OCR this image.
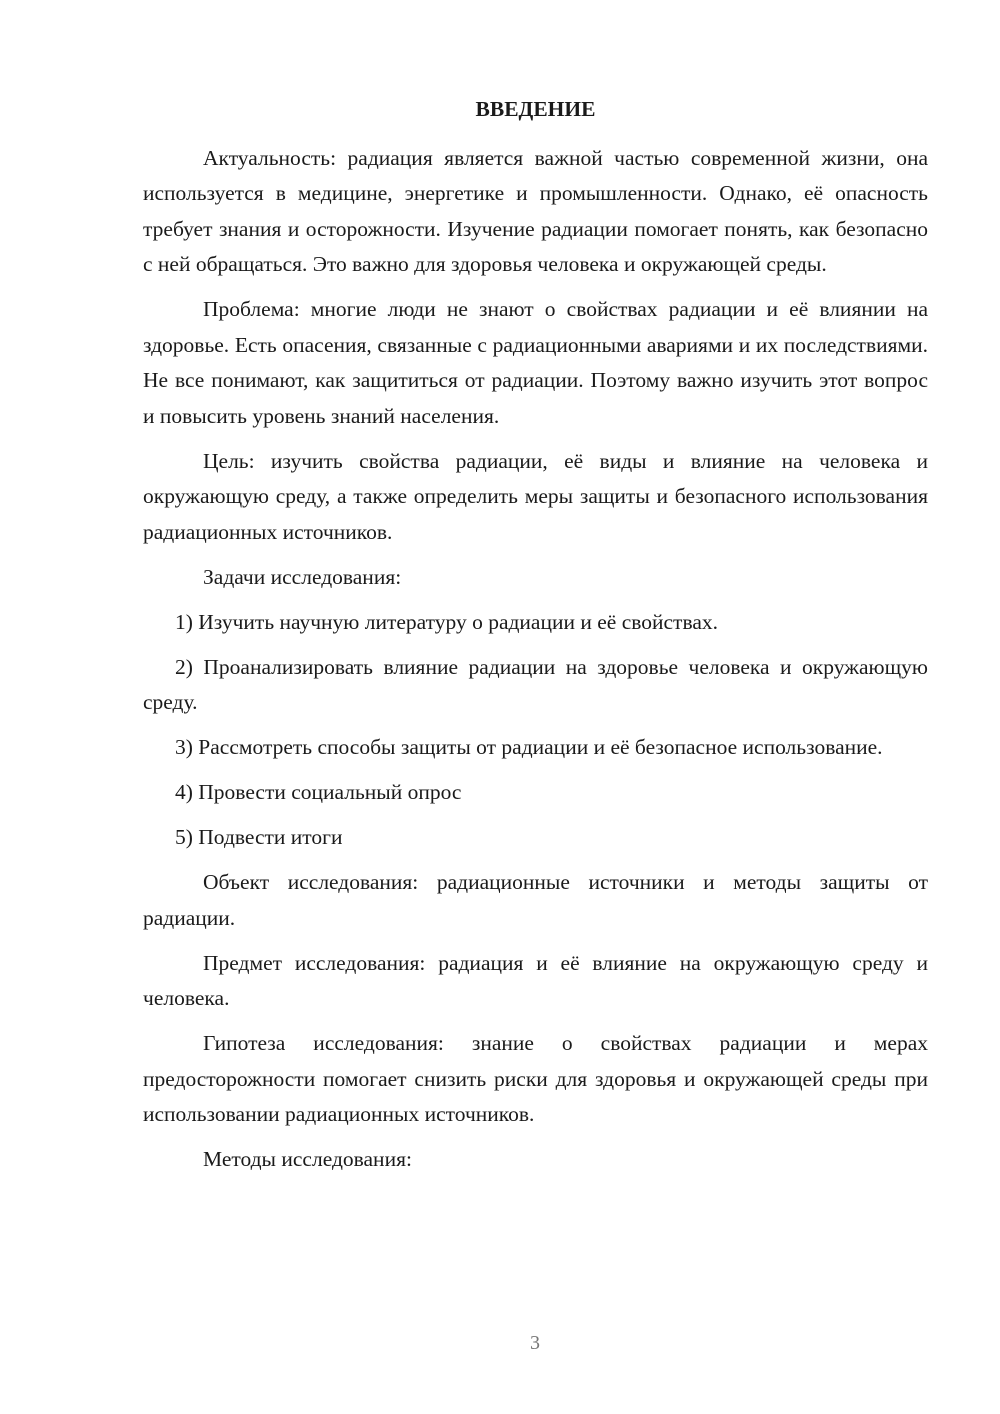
ВВЕДЕНИЕ

Актуальность: радиация является важной частью современной жизни, она используется в медицине, энергетике и промышленности. Однако, её опасность требует знания и осторожности. Изучение радиации помогает понять, как безопасно с ней обращаться. Это важно для здоровья человека и окружающей среды.

Проблема: многие люди не знают о свойствах радиации и её влиянии на здоровье. Есть опасения, связанные с радиационными авариями и их последствиями. Не все понимают, как защититься от радиации. Поэтому важно изучить этот вопрос и повысить уровень знаний населения.

Цель: изучить свойства радиации, её виды и влияние на человека и окружающую среду, а также определить меры защиты и безопасного использования радиационных источников.

Задачи исследования:

1) Изучить научную литературу о радиации и её свойствах.

2) Проанализировать влияние радиации на здоровье человека и окружающую среду.

3) Рассмотреть способы защиты от радиации и её безопасное использование.

4) Провести социальный опрос

5) Подвести итоги

Объект исследования: радиационные источники и методы защиты от радиации.

Предмет исследования: радиация и её влияние на окружающую среду и человека.

Гипотеза исследования: знание о свойствах радиации и мерах предосторожности помогает снизить риски для здоровья и окружающей среды при использовании радиационных источников.

Методы исследования:

3
